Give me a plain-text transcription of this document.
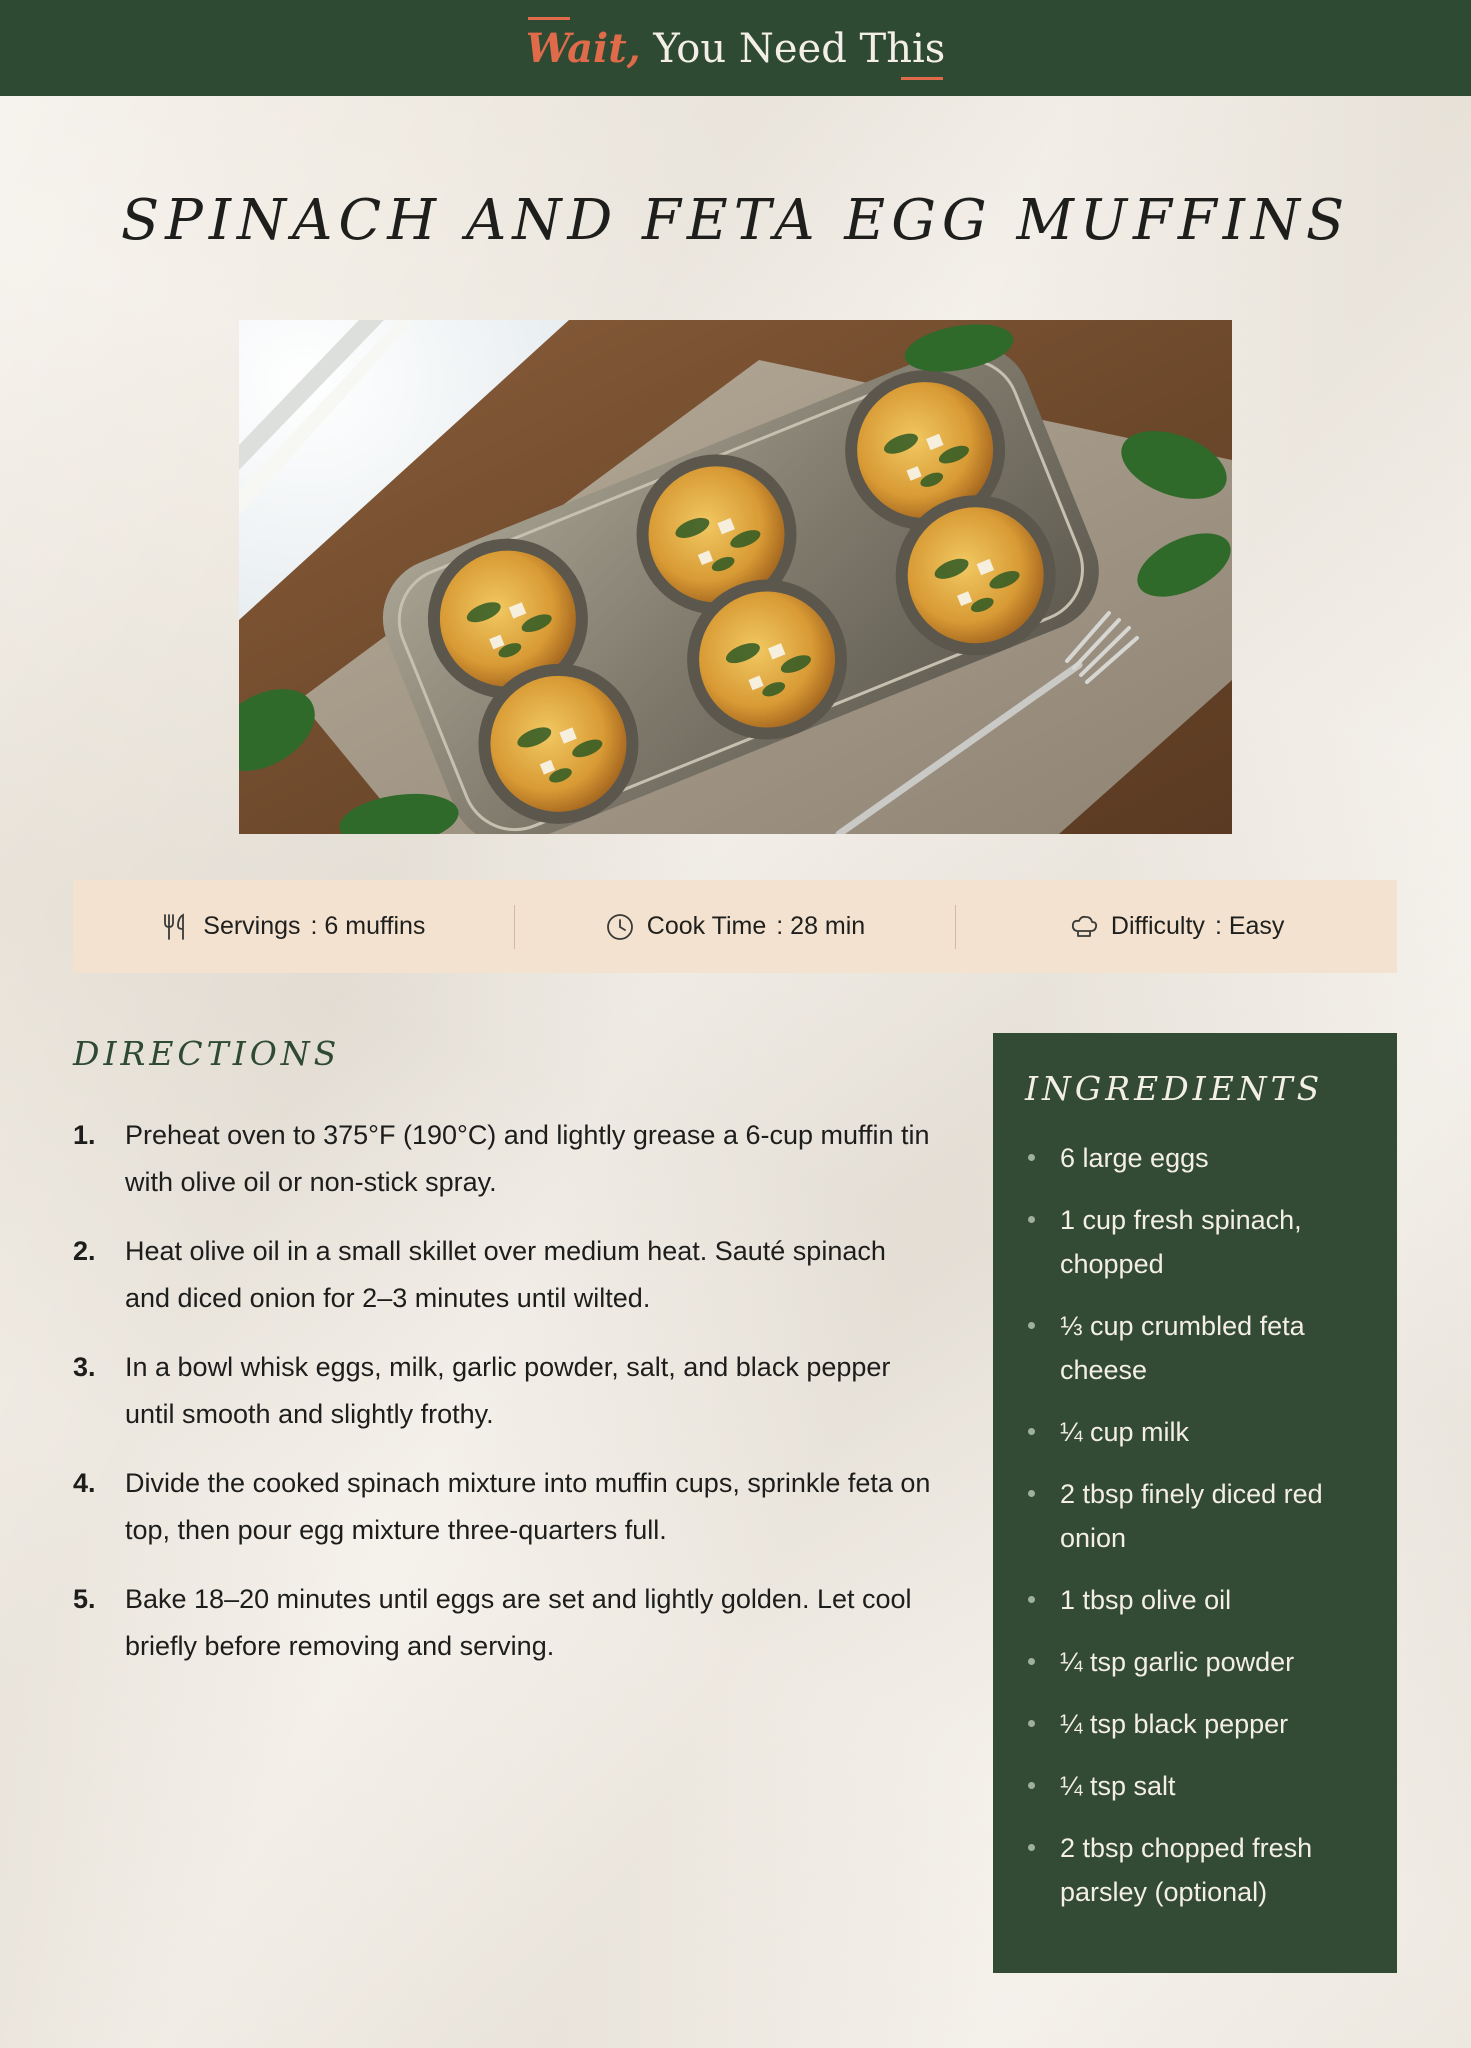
Wait, You Need This
SPINACH AND FETA EGG MUFFINS
Servings : 6 muffins	Cook Time : 28 min	Difficulty : Easy
DIRECTIONS
1.	Preheat oven to 375°F (190°C) and lightly grease a 6-cup muffin tin with olive oil or non-stick spray.
2.	Heat olive oil in a small skillet over medium heat. Sauté spinach and diced onion for 2–3 minutes until wilted.
3.	In a bowl whisk eggs, milk, garlic powder, salt, and black pepper until smooth and slightly frothy.
4.	Divide the cooked spinach mixture into muffin cups, sprinkle feta on top, then pour egg mixture three-quarters full.
5.	Bake 18–20 minutes until eggs are set and lightly golden. Let cool briefly before removing and serving.
INGREDIENTS
6 large eggs
1 cup fresh spinach, chopped
⅓ cup crumbled feta cheese
¼ cup milk
2 tbsp finely diced red onion
1 tbsp olive oil
¼ tsp garlic powder
¼ tsp black pepper
¼ tsp salt
2 tbsp chopped fresh parsley (optional)
